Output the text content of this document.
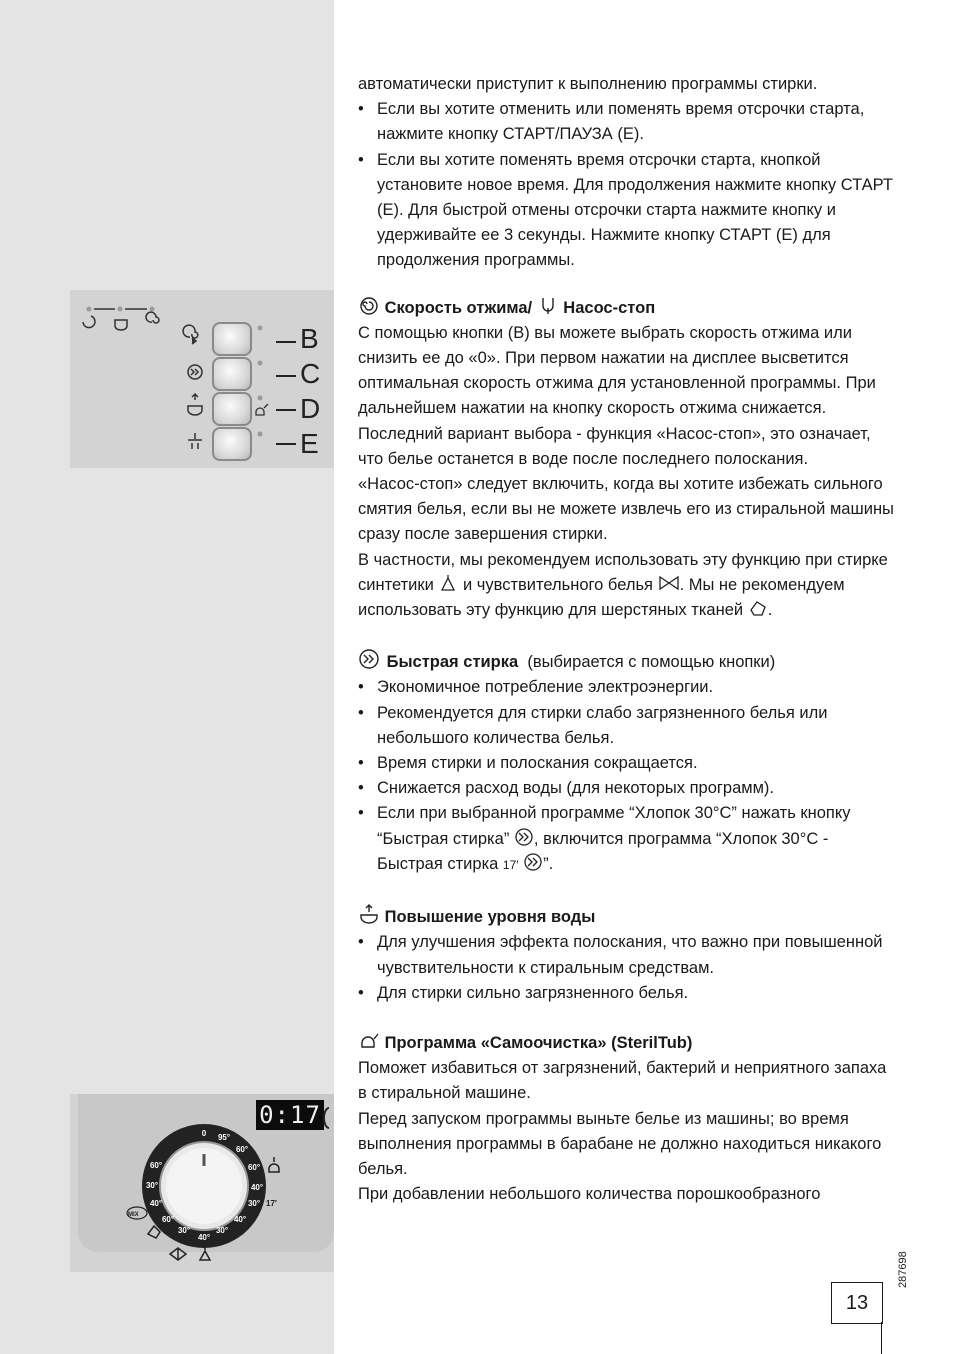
B
C
D
E
0:17
0 95°
60°
60°
40°
30°
40°
30°
40°
30°
60°
40°
30°
60°
17′
MIX

автоматически приступит к выполнению программы стирки.

• Если вы хотите отменить или поменять время отсрочки старта, нажмите кнопку СТАРТ/ПАУЗА (E).

• Если вы хотите поменять время отсрочки старта, кнопкой установите новое время. Для продолжения нажмите кнопку СТАРТ (E). Для быстрой отмены отсрочки старта нажмите кнопку и удерживайте ее 3 секунды. Нажмите кнопку СТАРТ (E) для продолжения программы.

Скорость отжима/ Насос-стоп

С помощью кнопки (B) вы можете выбрать скорость отжима или снизить ее до «0». При первом нажатии на дисплее высветится оптимальная скорость отжима для установленной программы. При дальнейшем нажатии на кнопку скорость отжима снижается.

Последний вариант выбора - функция «Насос-стоп», это означает, что белье останется в воде после последнего полоскания.

«Насос-стоп» следует включить, когда вы хотите избежать сильного смятия белья, если вы не можете извлечь его из стиральной машины сразу после завершения стирки.

В частности, мы рекомендуем использовать эту функцию при стирке синтетики и чувствительного белья . Мы не рекомендуем использовать эту функцию для шерстяных тканей .

Быстрая стирка (выбирается с помощью кнопки)

• Экономичное потребление электроэнергии.

• Рекомендуется для стирки слабо загрязненного белья или небольшого количества белья.

• Время стирки и полоскания сокращается.

• Снижается расход воды (для некоторых программ).

• Если при выбранной программе “Хлопок 30°C” нажать кнопку “Быстрая стирка” , включится программа “Хлопок 30°C - Быстрая стирка 17′ ”.

Повышение уровня воды

• Для улучшения эффекта полоскания, что важно при повышенной чувствительности к стиральным средствам.

• Для стирки сильно загрязненного белья.

Программа «Самоочистка» (SterilTub)

Поможет избавиться от загрязнений, бактерий и неприятного запаха в стиральной машине.

Перед запуском программы выньте белье из машины; во время выполнения программы в барабане не должно находиться никакого белья.

При добавлении небольшого количества порошкообразного

287698
13
